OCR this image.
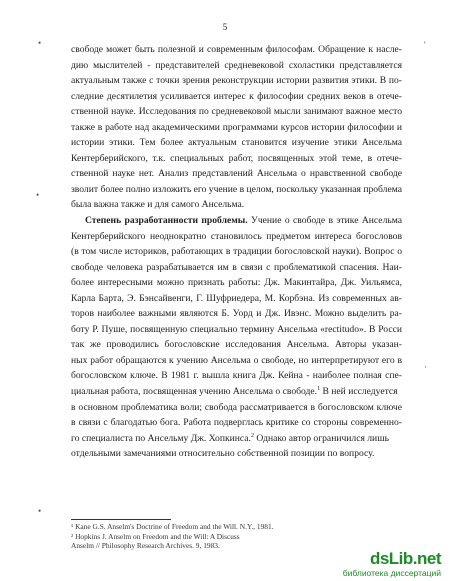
5
•	'
•
·
•
свободе может быть полезной и современным философам. Обращение к насле-
дию мыслителей - представителей средневековой схоластики представляется
актуальным также с точки зрения реконструкции истории развития этики. В по-
следние десятилетия усиливается интерес к философии средних веков в отече-
ственной науке. Исследования по средневековой мысли занимают важное место
также в работе над академическими программами курсов истории философии и
истории этики. Тем более актуальным становится изучение этики Ансельма
Кентерберийского, т.к. специальных работ, посвященных этой теме, в отече-
ственной науке нет. Анализ представлений Ансельма о нравственной свободе
зволит более полно изложить его учение в целом, поскольку указанная проблема
была важна также и для самого Ансельма.
Степень разработанности проблемы. Учение о свободе в этике Ансельма
Кентерберийского неоднократно становилось предметом интереса богословов
(в том числе историков, работающих в традиции богословской науки). Вопрос о
свободе человека разрабатывается им в связи с проблематикой спасения. Наи-
более интересными можно признать работы: Дж. Макинтайра, Дж. Уильямса,
Карла Барта, Э. Бэнсайвенги, Г. Шуфриедера, М. Корбэна. Из современных ав-
торов наиболее важными являются Б. Уорд и Дж. Ивэнс. Можно выделить ра-
боту Р. Пуше, посвященную специально термину Ансельма «rectitudo». В Росси
так же проводились богословские исследования Ансельма. Авторы указан-
ных работ обращаются к учению Ансельма о свободе, но интерпретируют его в
богословском ключе. В 1981 г. вышла книга Дж. Кейна - наиболее полная спе-
циальная работа, посвященная учению Ансельма о свободе.$^1$ В ней исследуется
в основном проблематика воли; свобода рассматривается в богословском ключе
в связи с благодатью бога. Работа подверглась критике со стороны современно-
го специалиста по Ансельму Дж. Хопкинса.$^2$ Однако автор ограничился лишь
отдельными замечаниями относительно собственной позиции по вопросу.
¹ Kane G.S. Anselm's Doctrine of Freedom and the Will. N.Y., 1981.
² Hopkins J. Anselm on Freedom and the Will: A Discuss
Anselm // Philosophy Research Archives. 9, 1983.
dsLib.net
библиотека диссертаций
